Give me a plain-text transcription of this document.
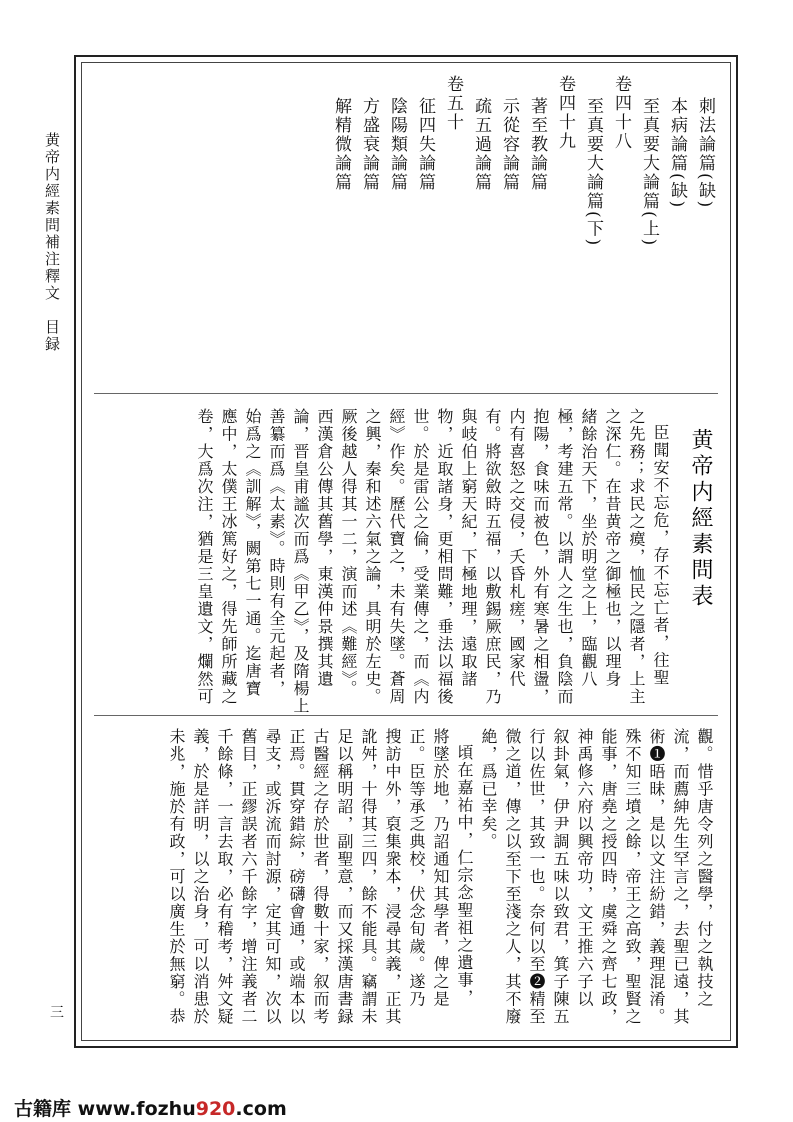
黄帝内經素問補注釋文　目録
三
刺法論篇(缺)
本病論篇(缺)
至真要大論篇(上)
卷四十八
至真要大論篇(下)
卷四十九
著至教論篇
示從容論篇
疏五過論篇
卷五十
征四失論篇
陰陽類論篇
方盛衰論篇
解精微論篇
黄帝内經素問表
臣聞安不忘危，存不忘亡者，往聖
之先務；求民之瘼，恤民之隱者，上主
之深仁。在昔黄帝之御極也，以理身
緒餘治天下，坐於明堂之上，臨觀八
極，考建五常。以謂人之生也，負陰而
抱陽，食味而被色，外有寒暑之相盪，
内有喜怒之交侵，夭昏札瘥，國家代
有。將欲斂時五福，以敷錫厥庶民，乃
與岐伯上窮天紀，下極地理，遠取諸
物，近取諸身，更相問難，垂法以福後
世。於是雷公之倫，受業傳之，而《内
經》作矣。歷代寶之，未有失墜。蒼周
之興，秦和述六氣之論，具明於左史。
厥後越人得其一二，演而述《難經》。
西漢倉公傳其舊學，東漢仲景撰其遺
論，晋皇甫謐次而爲《甲乙》，及隋楊上
善纂而爲《太素》。時則有全元起者，
始爲之《訓解》，闕第七一通。迄唐寶
應中，太僕王冰篤好之，得先師所藏之
卷，大爲次注，猶是三皇遺文，爛然可
觀。惜乎唐令列之醫學，付之執技之
流，而薦紳先生罕言之，去聖已遠，其
術❶晤昧，是以文注紛錯，義理混淆。
殊不知三墳之餘，帝王之高致，聖賢之
能事，唐堯之授四時，虞舜之齊七政，
神禹修六府以興帝功，文王推六子以
叙卦氣，伊尹調五味以致君，箕子陳五
行以佐世，其致一也。奈何以至❷精至
微之道，傳之以至下至淺之人，其不廢
絶，爲已幸矣。
頃在嘉祐中，仁宗念聖祖之遺事，
將墜於地，乃詔通知其學者，俾之是
正。臣等承乏典校，伏念旬歲。遂乃
搜訪中外，裒集衆本，浸尋其義，正其
訛舛，十得其三四，餘不能具。竊謂未
足以稱明詔，副聖意，而又採漢唐書録
古醫經之存於世者，得數十家，叙而考
正焉。貫穿錯綜，磅礴會通，或端本以
尋支，或泝流而討源，定其可知，次以
舊目，正繆誤者六千餘字，增注義者二
千餘條，一言去取，必有稽考，舛文疑
義，於是詳明，以之治身，可以消患於
未兆，施於有政，可以廣生於無窮。恭
古籍库 www.fozhu920.com
